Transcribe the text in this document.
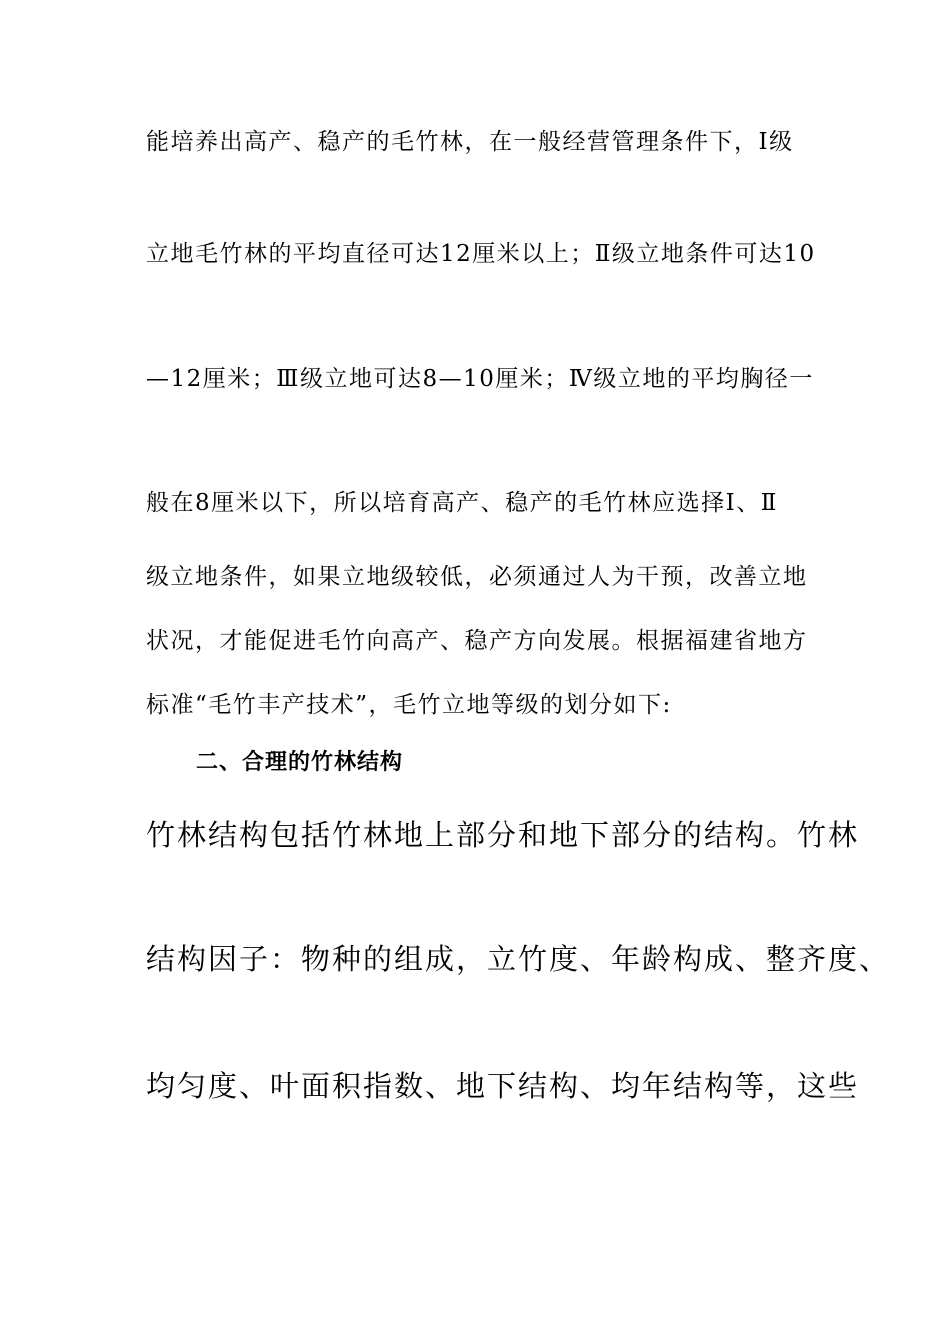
能培养出高产、稳产的毛竹林，在一般经营管理条件下，Ⅰ级

立地毛竹林的平均直径可达12厘米以上；Ⅱ级立地条件可达10

—12厘米；Ⅲ级立地可达8—10厘米；Ⅳ级立地的平均胸径一

般在8厘米以下，所以培育高产、稳产的毛竹林应选择Ⅰ、Ⅱ

级立地条件，如果立地级较低，必须通过人为干预，改善立地

状况，才能促进毛竹向高产、稳产方向发展。根据福建省地方

标准“毛竹丰产技术”，毛竹立地等级的划分如下:

二、合理的竹林结构

竹林结构包括竹林地上部分和地下部分的结构。竹林

结构因子：物种的组成，立竹度、年龄构成、整齐度、

均匀度、叶面积指数、地下结构、均年结构等，这些
